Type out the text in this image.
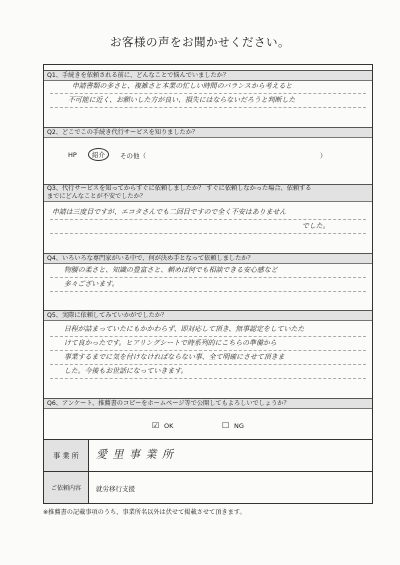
お客様の声をお聞かせください。
Q1、手続きを依頼される前に、どんなことで悩んでいましたか？
申請書類の多さと、複雑さと本業の忙しい時間のバランスから考えると
不可能に近く、お願いした方が良い、損失にはならないだろうと判断した
Q2、どこでこの手続き代行サービスを知りましたか？
HP	紹介	その他（	）
Q3、代行サービスを知ってからすぐに依頼しましたか？ すぐに依頼しなかった場合、依頼する
までにどんなことが不安でしたか？
申請は三度目ですが、エコタさんでも二回目ですので全く不安はありません
でした。
Q4、いろいろな専門家がいる中で、何が決め手となって依頼しましたか？
物腰の柔さと、知識の豊富さと、頼めば何でも相談できる安心感など
多々ございます。
Q5、実際に依頼してみていかがでしたか？
日程が詰まっていたにもかかわらず、即対応して頂き、無事認定をしていただ
けて良かったです。ヒアリングシートで時系列的にこちらの準備から
事業するまでに気を付けなければならない事、全て明確にさせて頂きま
した。今後もお世話になっていきます。
Q6、アンケート、推薦書のコピーをホームページ等で公開してもよろしいでしょうか？
☑ OK	☐ NG
事 業 所	愛 里 事 業 所
ご依頼内容	就労移行支援
※推薦書の記載事項のうち、事業所名以外は伏せて掲載させて頂きます。
